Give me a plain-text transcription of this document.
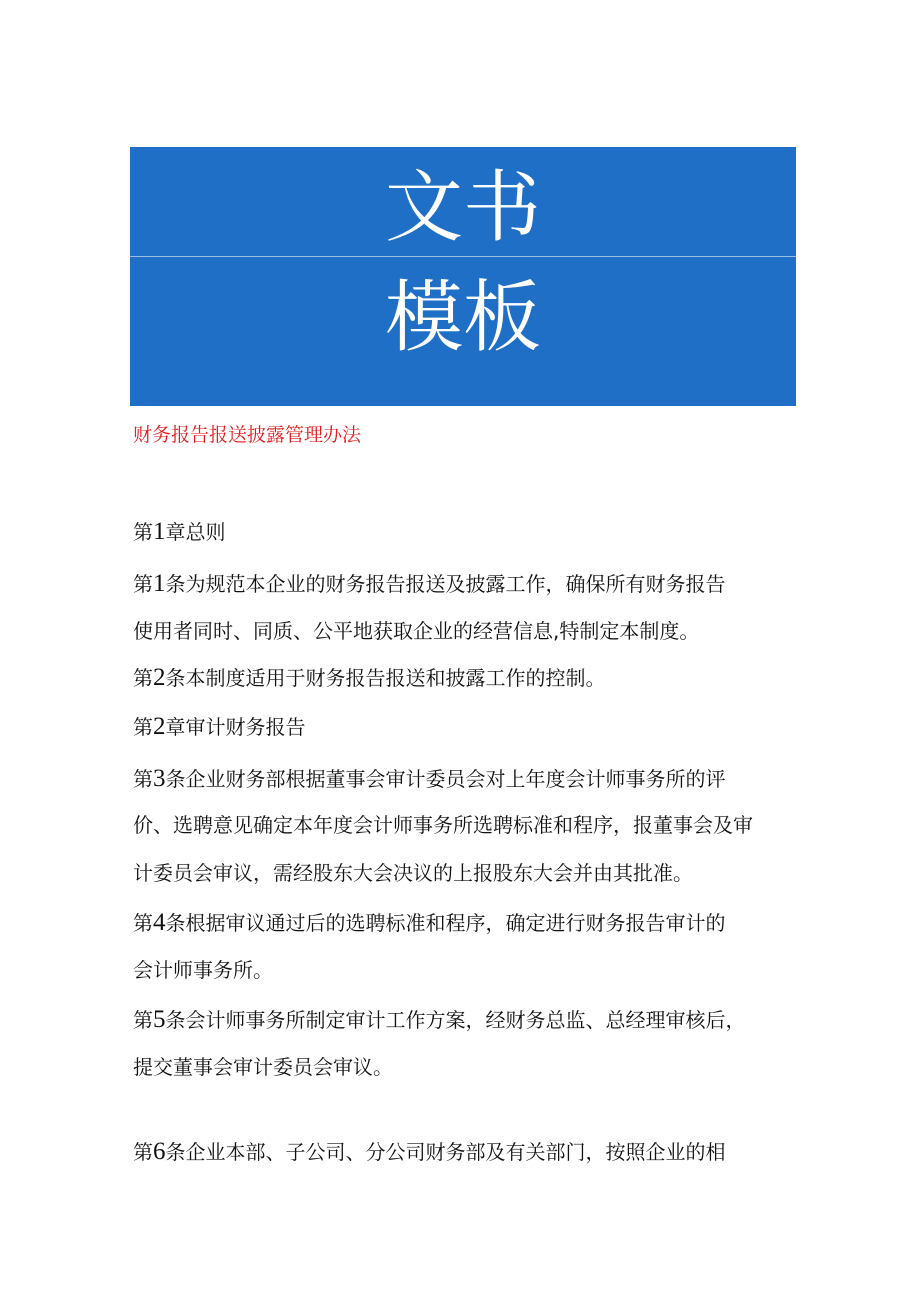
文书
模板
财务报告报送披露管理办法
第1章总则
第1条为规范本企业的财务报告报送及披露工作，确保所有财务报告
使用者同时、同质、公平地获取企业的经营信息,特制定本制度。
第2条本制度适用于财务报告报送和披露工作的控制。
第2章审计财务报告
第3条企业财务部根据董事会审计委员会对上年度会计师事务所的评
价、选聘意见确定本年度会计师事务所选聘标准和程序，报董事会及审
计委员会审议，需经股东大会决议的上报股东大会并由其批准。
第4条根据审议通过后的选聘标准和程序，确定进行财务报告审计的
会计师事务所。
第5条会计师事务所制定审计工作方案，经财务总监、总经理审核后，
提交董事会审计委员会审议。
第6条企业本部、子公司、分公司财务部及有关部门，按照企业的相
